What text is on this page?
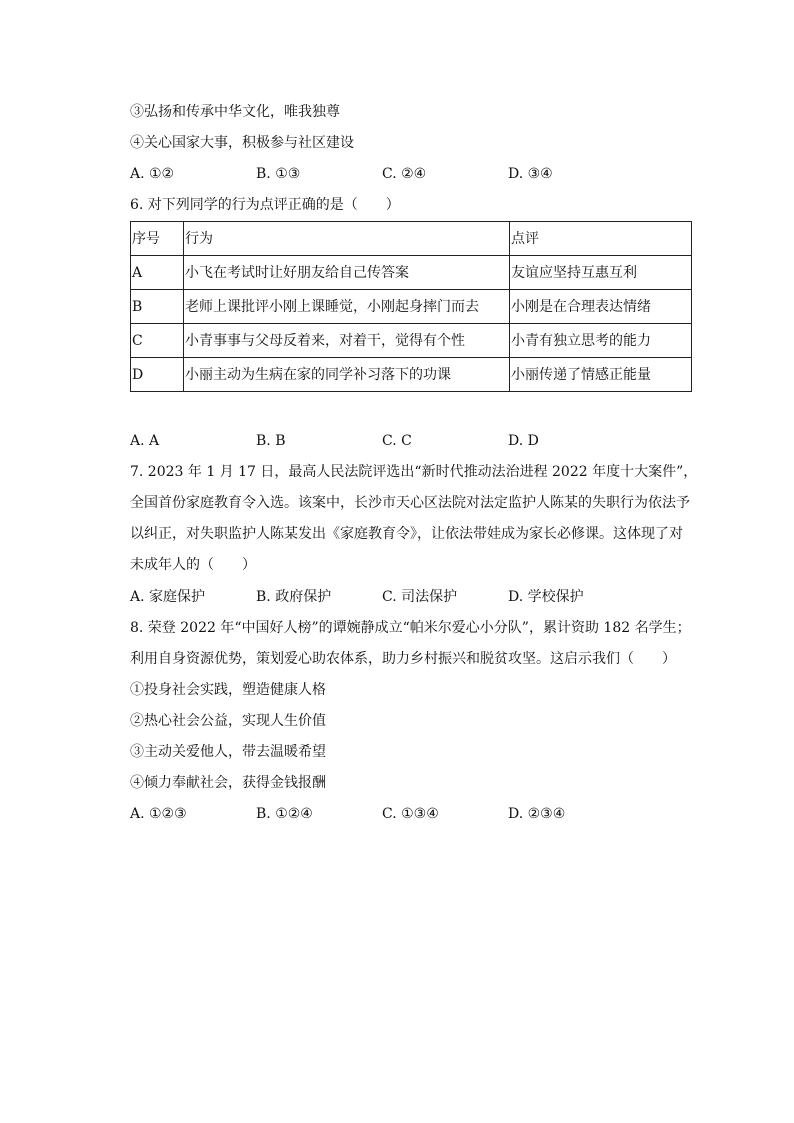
③弘扬和传承中华文化，唯我独尊
④关心国家大事，积极参与社区建设
A. ①②	B. ①③	C. ②④	D. ③④
6. 对下列同学的行为点评正确的是（　　）
序号	行为	点评
A	小飞在考试时让好朋友给自己传答案	友谊应坚持互惠互利
B	老师上课批评小刚上课睡觉，小刚起身摔门而去	小刚是在合理表达情绪
C	小青事事与父母反着来，对着干，觉得有个性	小青有独立思考的能力
D	小丽主动为生病在家的同学补习落下的功课	小丽传递了情感正能量
A. A	B. B	C. C	D. D
7. 2023 年 1 月 17 日，最高人民法院评选出“新时代推动法治进程 2022 年度十大案件”，
全国首份家庭教育令入选。该案中，长沙市天心区法院对法定监护人陈某的失职行为依法予
以纠正，对失职监护人陈某发出《家庭教育令》，让依法带娃成为家长必修课。这体现了对
未成年人的（　　）
A. 家庭保护	B. 政府保护	C. 司法保护	D. 学校保护
8. 荣登 2022 年“中国好人榜”的谭婉静成立“帕米尔爱心小分队”，累计资助 182 名学生；
利用自身资源优势，策划爱心助农体系，助力乡村振兴和脱贫攻坚。这启示我们（　　）
①投身社会实践，塑造健康人格
②热心社会公益，实现人生价值
③主动关爱他人，带去温暖希望
④倾力奉献社会，获得金钱报酬
A. ①②③	B. ①②④	C. ①③④	D. ②③④
